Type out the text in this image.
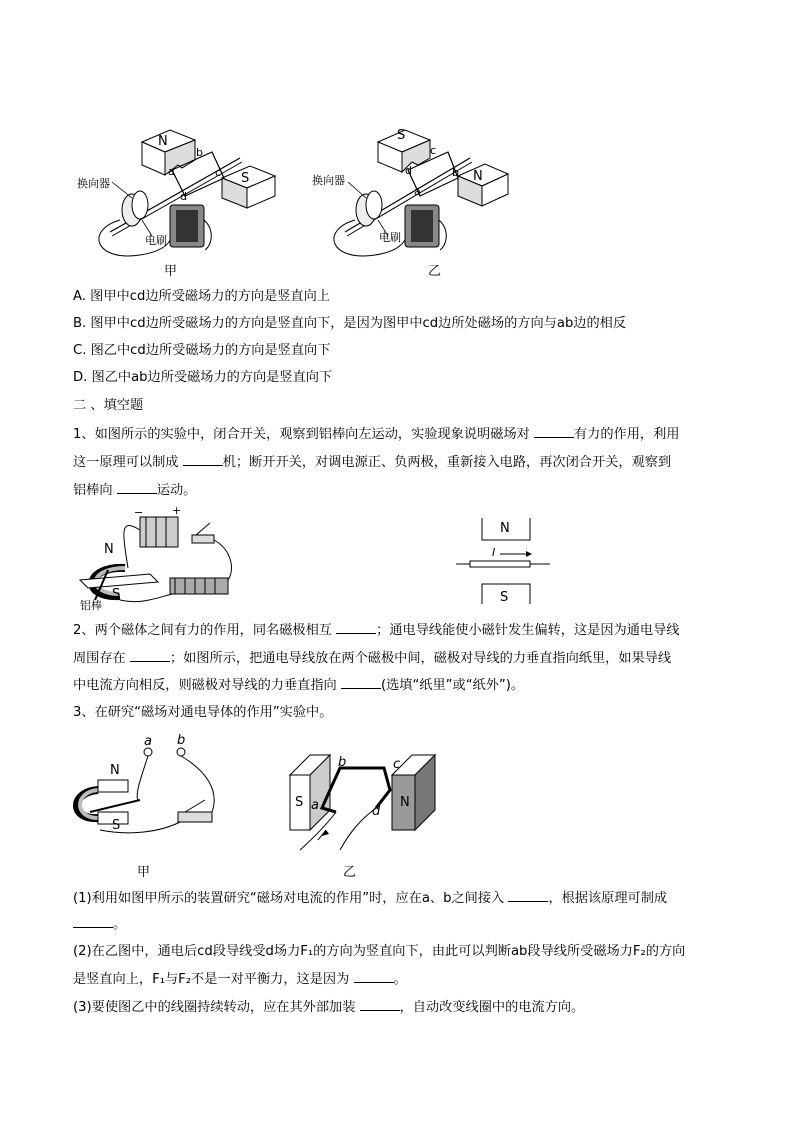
N
S
a
b
c
d
换向器
电刷
甲
S
N
a
b
c
d
换向器
电刷
乙
A. 图甲中cd边所受磁场力的方向是竖直向上
B. 图甲中cd边所受磁场力的方向是竖直向下，是因为图甲中cd边所处磁场的方向与ab边的相反
C. 图乙中cd边所受磁场力的方向是竖直向下
D. 图乙中ab边所受磁场力的方向是竖直向下
二 、填空题
1、如图所示的实验中，闭合开关，观察到铝棒向左运动，实验现象说明磁场对	有力的作用，利用
这一原理可以制成	机；断开开关，对调电源正、负两极，重新接入电路，再次闭合开关，观察到
铝棒向	运动。
N
S
铝棒
−	+
N
S
I
2、两个磁体之间有力的作用，同名磁极相互	；通电导线能使小磁针发生偏转，这是因为通电导线
周围存在	；如图所示，把通电导线放在两个磁极中间，磁极对导线的力垂直指向纸里，如果导线
中电流方向相反，则磁极对导线的力垂直指向	(选填“纸里”或“纸外”)。
3、在研究“磁场对通电导体的作用”实验中。
a b
N
S
甲
S	N
b	c
a	d
乙
(1)利用如图甲所示的装置研究“磁场对电流的作用”时，应在a、b之间接入	，根据该原理可制成
。
(2)在乙图中，通电后cd段导线受d场力F₁的方向为竖直向下，由此可以判断ab段导线所受磁场力F₂的方向
是竖直向上，F₁与F₂不是一对平衡力，这是因为	。
(3)要使图乙中的线圈持续转动，应在其外部加装	，自动改变线圈中的电流方向。
